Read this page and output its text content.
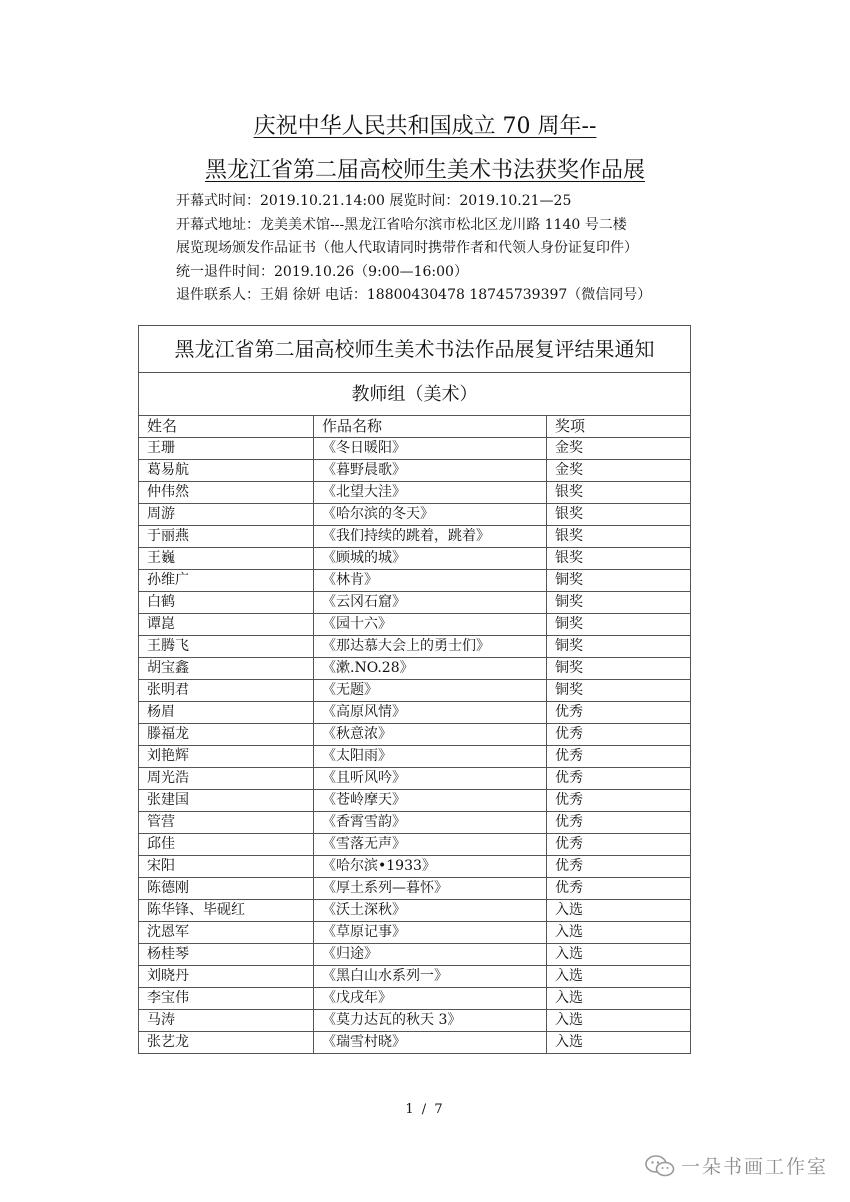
庆祝中华人民共和国成立 70 周年--
黑龙江省第二届高校师生美术书法获奖作品展
开幕式时间：2019.10.21.14:00 展览时间：2019.10.21—25
开幕式地址：龙美美术馆---黑龙江省哈尔滨市松北区龙川路 1140 号二楼
展览现场颁发作品证书（他人代取请同时携带作者和代领人身份证复印件）
统一退件时间：2019.10.26（9:00—16:00）
退件联系人：王娟 徐妍 电话：18800430478 18745739397（微信同号）
黑龙江省第二届高校师生美术书法作品展复评结果通知		
教师组（美术）		
姓名	作品名称	奖项
王珊	《冬日暖阳》	金奖
葛易航	《暮野晨歌》	金奖
仲伟然	《北望大洼》	银奖
周游	《哈尔滨的冬天》	银奖
于丽燕	《我们持续的跳着，跳着》	银奖
王巍	《顾城的城》	银奖
孙维广	《林肯》	铜奖
白鹤	《云冈石窟》	铜奖
谭崑	《园十六》	铜奖
王腾飞	《那达慕大会上的勇士们》	铜奖
胡宝鑫	《漱.NO.28》	铜奖
张明君	《无题》	铜奖
杨眉	《高原风情》	优秀
滕福龙	《秋意浓》	优秀
刘艳辉	《太阳雨》	优秀
周光浩	《且听风吟》	优秀
张建国	《苍岭摩天》	优秀
管营	《香霄雪韵》	优秀
邱佳	《雪落无声》	优秀
宋阳	《哈尔滨•1933》	优秀
陈德刚	《厚土系列—暮怀》	优秀
陈华锋、毕砚红	《沃土深秋》	入选
沈恩军	《草原记事》	入选
杨桂琴	《归途》	入选
刘晓丹	《黑白山水系列一》	入选
李宝伟	《戊戌年》	入选
马涛	《莫力达瓦的秋天 3》	入选
张艺龙	《瑞雪村晓》	入选
1 / 7
一朵书画工作室
